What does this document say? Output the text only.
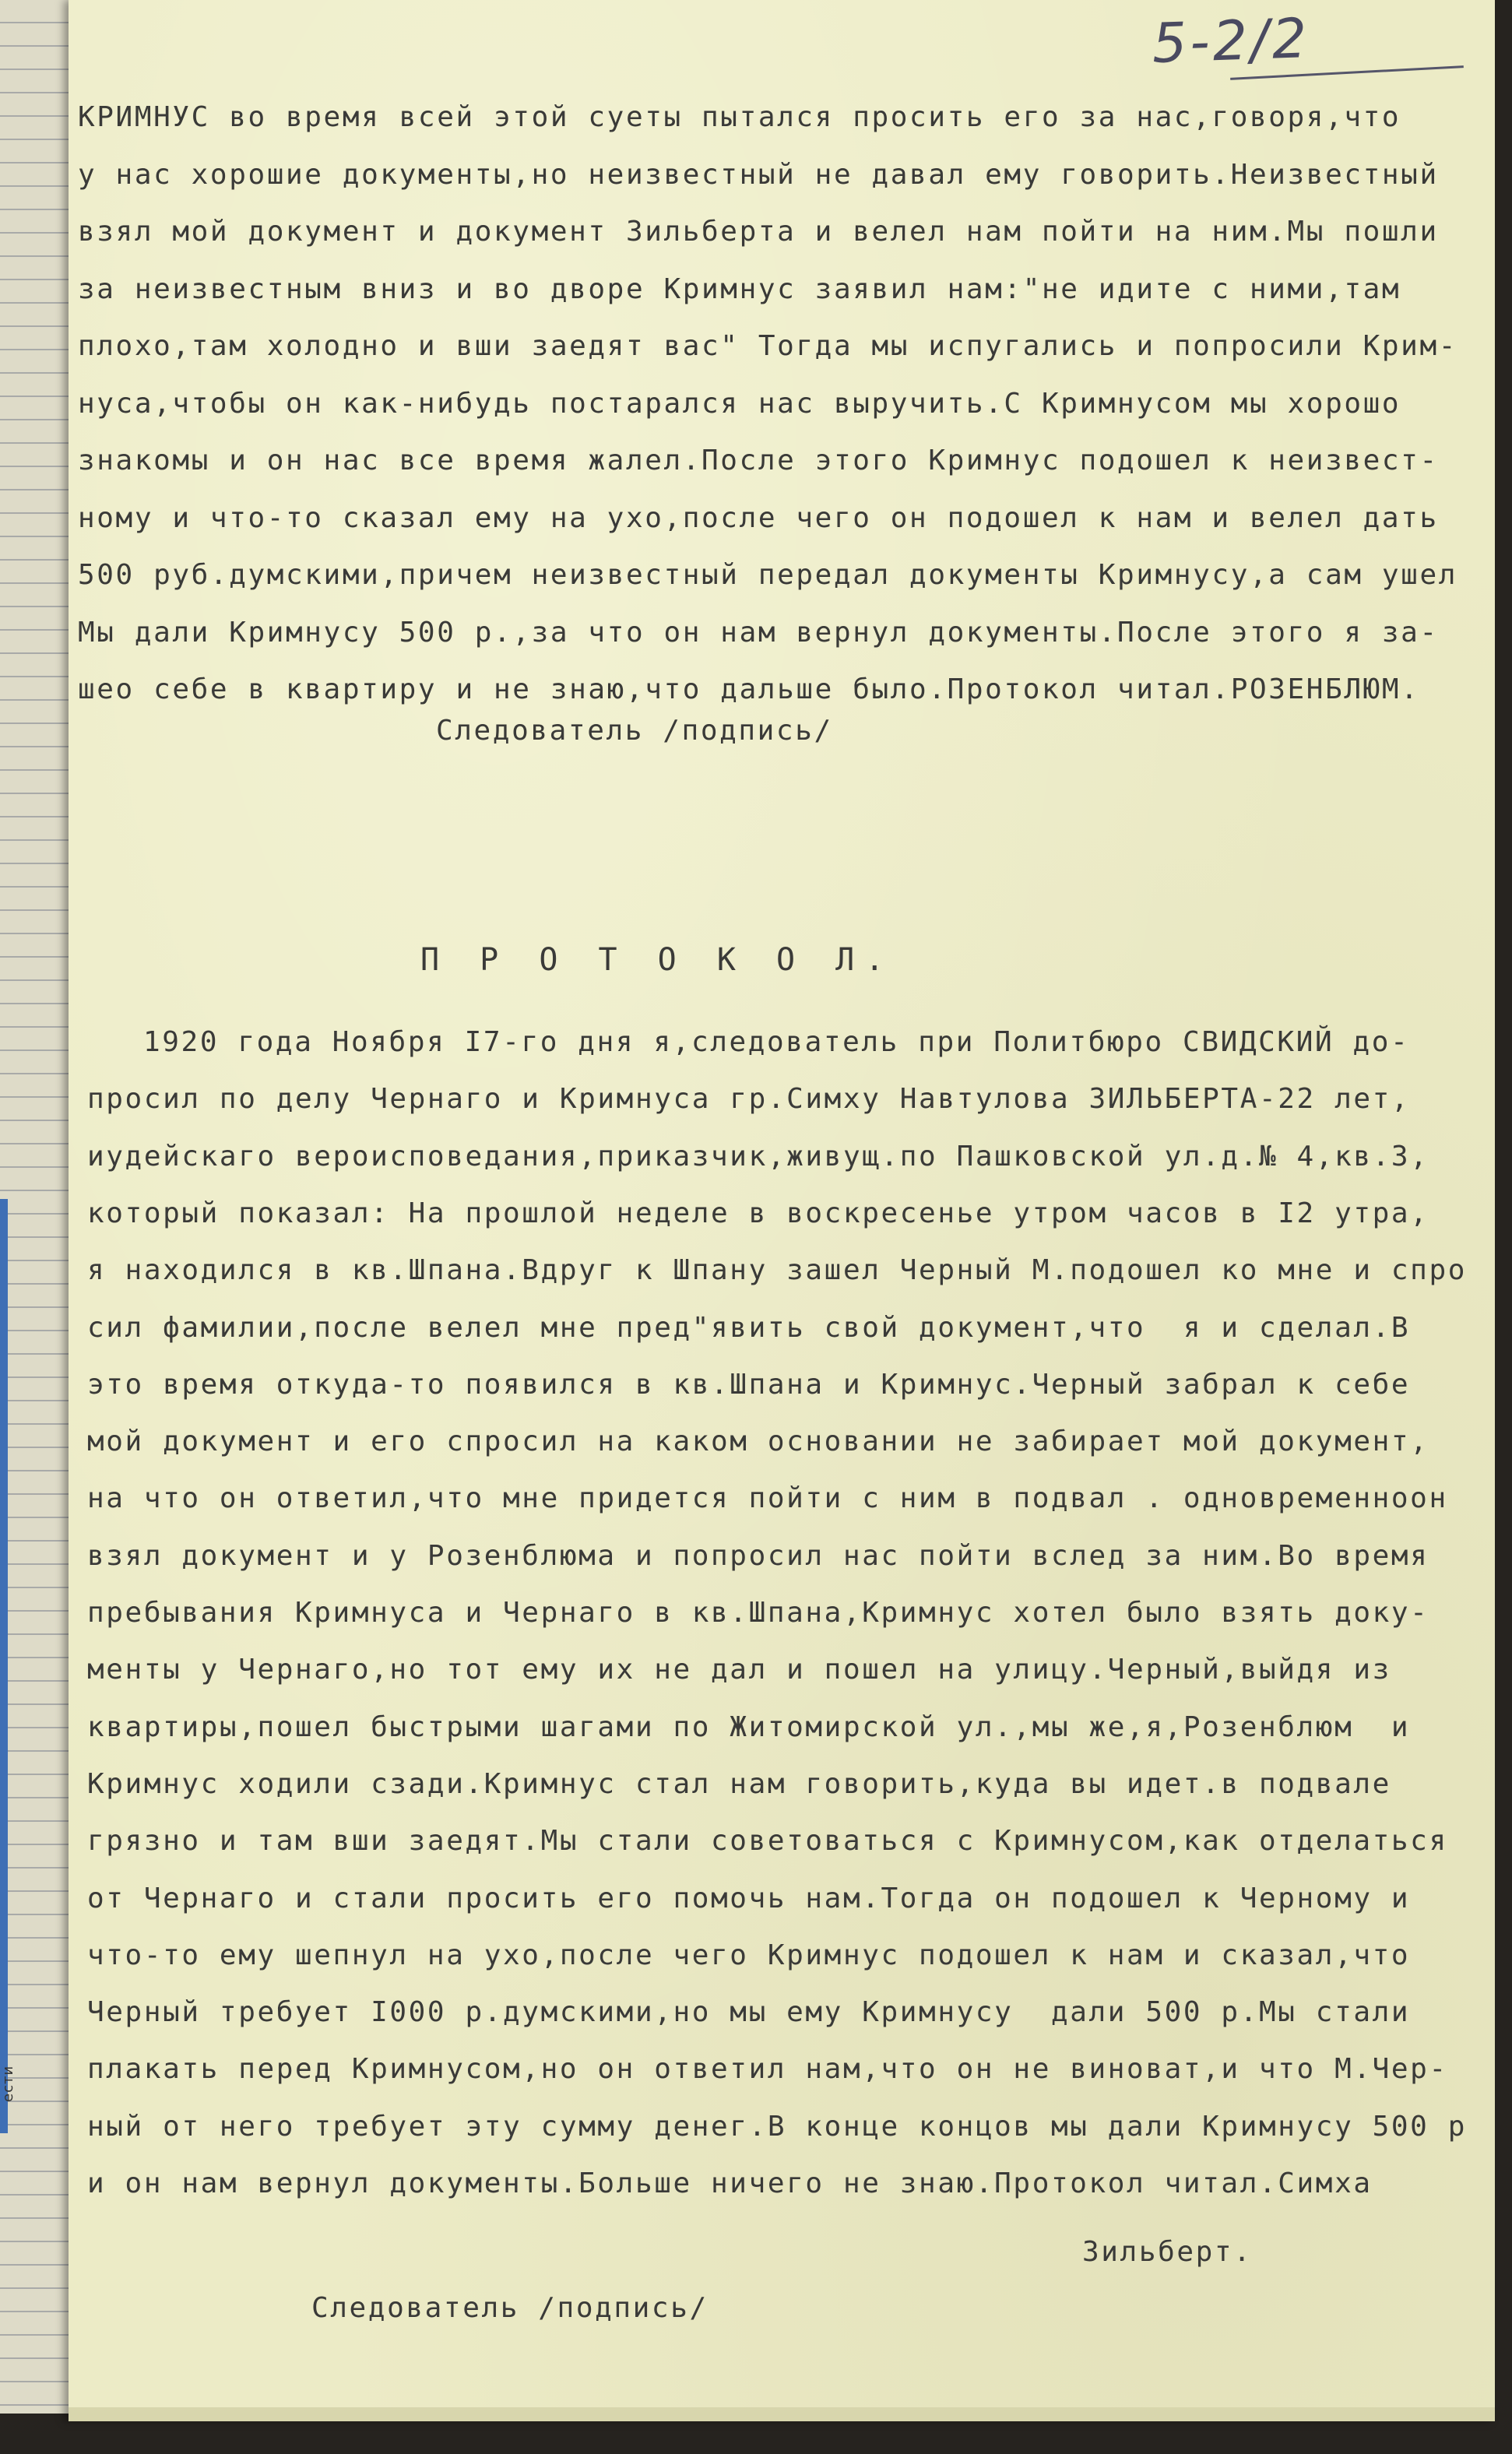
ести
5-2/2
КРИМНУС во время всей этой суеты пытался просить его за нас,говоря,что
у нас хорошие документы,но неизвестный не давал ему говорить.Неизвестный
взял мой документ и документ Зильберта и велел нам пойти на ним.Мы пошли
за неизвестным вниз и во дворе Кримнус заявил нам:"не идите с ними,там
плохо,там холодно и вши заедят вас" Тогда мы испугались и попросили Крим-
нуса,чтобы он как-нибудь постарался нас выручить.С Кримнусом мы хорошо
знакомы и он нас все время жалел.После этого Кримнус подошел к неизвест-
ному и что-то сказал ему на ухо,после чего он подошел к нам и велел дать
500 руб.думскими,причем неизвестный передал документы Кримнусу,а сам ушел
Мы дали Кримнусу 500 р.,за что он нам вернул документы.После этого я за-
шео себе в квартиру и не знаю,что дальше было.Протокол читал.РОЗЕНБЛЮМ.
Следователь /подпись/
П Р О Т О К О Л.
1920 года Ноября I7-го дня я,следователь при Политбюро СВИДСКИЙ до-
просил по делу Чернаго и Кримнуса гр.Симху Навтулова ЗИЛЬБЕРТА-22 лет,
иудейскаго вероисповедания,приказчик,живущ.по Пашковской ул.д.№ 4,кв.3,
который показал: На прошлой неделе в воскресенье утром часов в I2 утра,
я находился в кв.Шпана.Вдруг к Шпану зашел Черный М.подошел ко мне и спро
сил фамилии,после велел мне пред"явить свой документ,что  я и сделал.В
это время откуда-то появился в кв.Шпана и Кримнус.Черный забрал к себе
мой документ и его спросил на каком основании не забирает мой документ,
на что он ответил,что мне придется пойти с ним в подвал . одновременноон
взял документ и у Розенблюма и попросил нас пойти вслед за ним.Во время
пребывания Кримнуса и Чернаго в кв.Шпана,Кримнус хотел было взять доку-
менты у Чернаго,но тот ему их не дал и пошел на улицу.Черный,выйдя из
квартиры,пошел быстрыми шагами по Житомирской ул.,мы же,я,Розенблюм  и
Кримнус ходили сзади.Кримнус стал нам говорить,куда вы идет.в подвале
грязно и там вши заедят.Мы стали советоваться с Кримнусом,как отделаться
от Чернаго и стали просить его помочь нам.Тогда он подошел к Черному и
что-то ему шепнул на ухо,после чего Кримнус подошел к нам и сказал,что
Черный требует I000 р.думскими,но мы ему Кримнусу  дали 500 р.Мы стали
плакать перед Кримнусом,но он ответил нам,что он не виноват,и что М.Чер-
ный от него требует эту сумму денег.В конце концов мы дали Кримнусу 500 р
и он нам вернул документы.Больше ничего не знаю.Протокол читал.Симха
Зильберт.
Следователь /подпись/
